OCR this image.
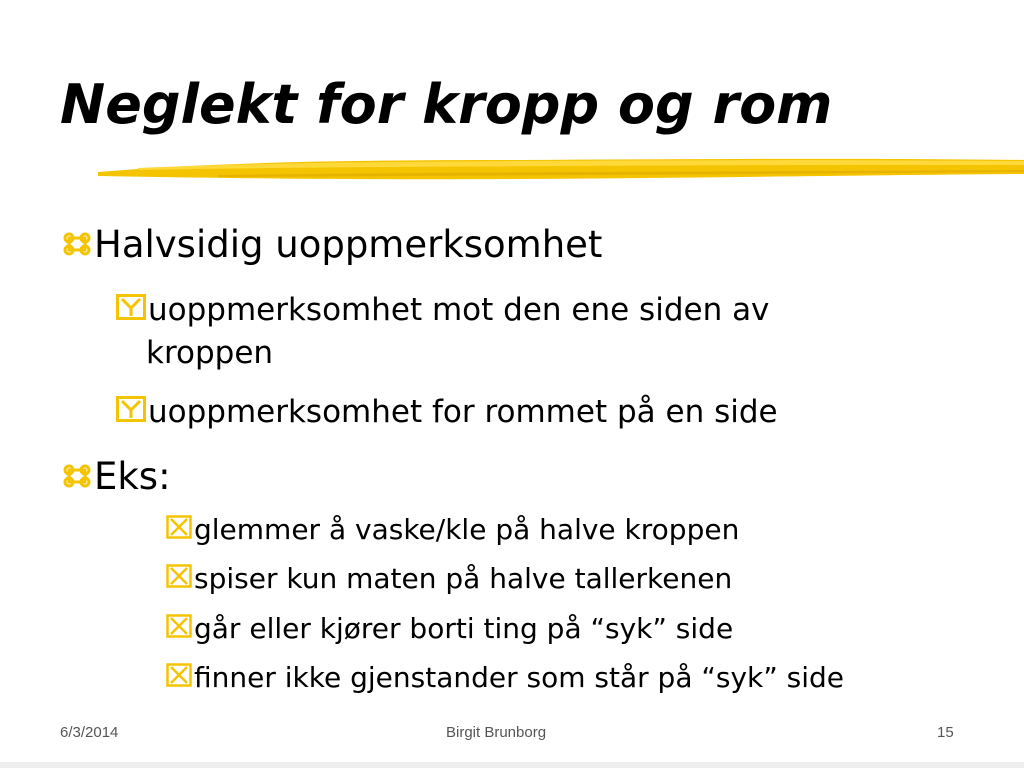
Neglekt for kropp og rom
Halvsidig uoppmerksomhet
uoppmerksomhet mot den ene siden av
kroppen
uoppmerksomhet for rommet på en side
Eks:
glemmer å vaske/kle på halve kroppen
spiser kun maten på halve tallerkenen
går eller kjører borti ting på “syk” side
finner ikke gjenstander som står på “syk” side
6/3/2014	Birgit Brunborg	15
